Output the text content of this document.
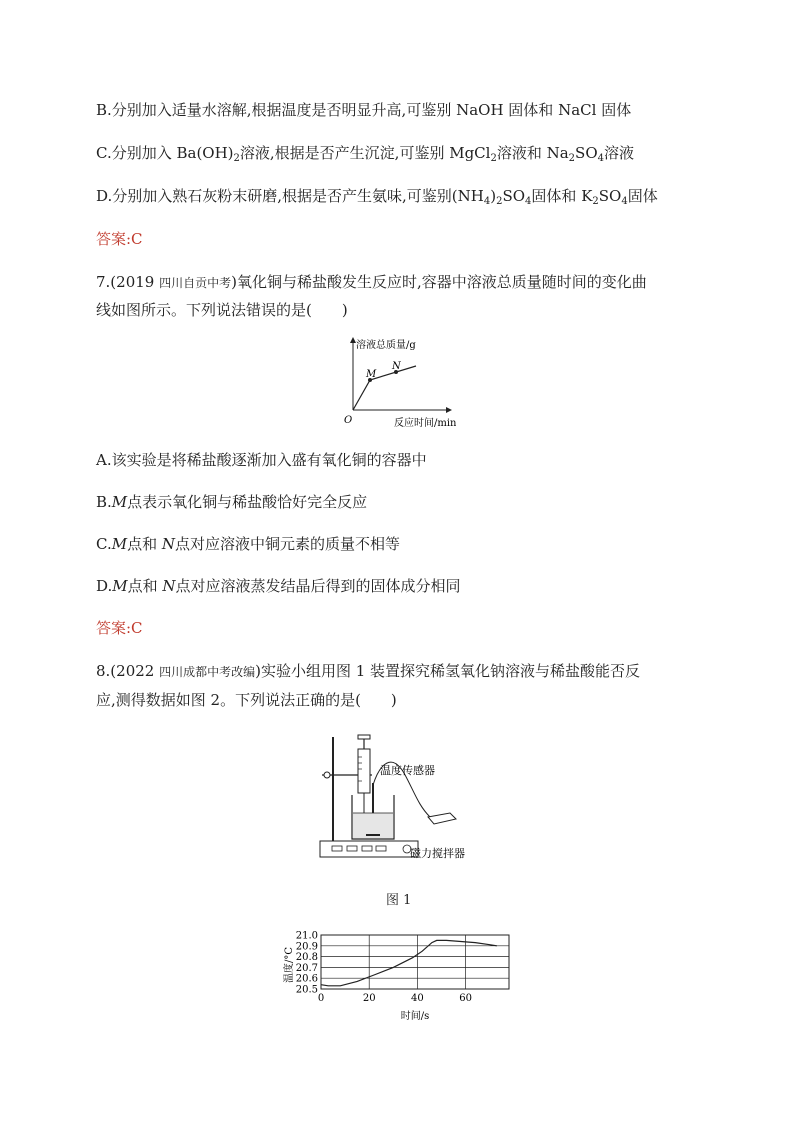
B.分别加入适量水溶解,根据温度是否明显升高,可鉴别 NaOH 固体和 NaCl 固体
C.分别加入 $Ba(OH)_2$溶液,根据是否产生沉淀,可鉴别 MgCl$_2$溶液和 $Na_2SO_4$溶液
D.分别加入熟石灰粉末研磨,根据是否产生氨味,可鉴别$(NH_4)_2SO_4$固体和 $K_2SO_4$固体
答案:C
7.(2019 四川自贡中考)氧化铜与稀盐酸发生反应时,容器中溶液总质量随时间的变化曲
线如图所示。下列说法错误的是(　　)
溶液总质量/g
反应时间/min
O
M
N
A.该实验是将稀盐酸逐渐加入盛有氧化铜的容器中
B.M点表示氧化铜与稀盐酸恰好完全反应
C.M点和 N点对应溶液中铜元素的质量不相等
D.M点和 N点对应溶液蒸发结晶后得到的固体成分相同
答案:C
8.(2022 四川成都中考改编)实验小组用图 1 装置探究稀氢氧化钠溶液与稀盐酸能否反
应,测得数据如图 2。下列说法正确的是(　　)
温度传感器
磁力搅拌器
图 1
温度/°C
时间/s
21.0
20.9
20.8
20.7
20.6
20.5
0	20	40	60
